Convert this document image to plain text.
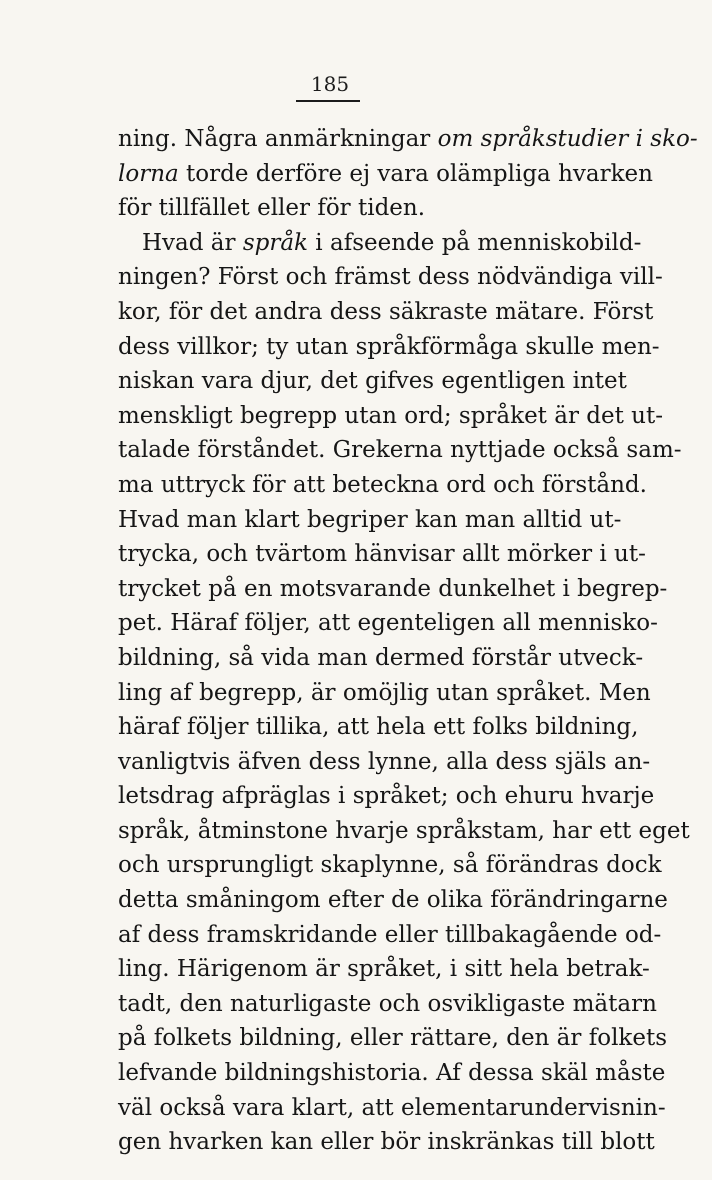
185
ning. Några anmärkningar om språkstudier i sko-
lorna torde derföre ej vara olämpliga hvarken
för tillfället eller för tiden.
Hvad är språk i afseende på menniskobild-
ningen? Först och främst dess nödvändiga vill-
kor, för det andra dess säkraste mätare. Först
dess villkor; ty utan språkförmåga skulle men-
niskan vara djur, det gifves egentligen intet
menskligt begrepp utan ord; språket är det ut-
talade förståndet. Grekerna nyttjade också sam-
ma uttryck för att beteckna ord och förstånd.
Hvad man klart begriper kan man alltid ut-
trycka, och tvärtom hänvisar allt mörker i ut-
trycket på en motsvarande dunkelhet i begrep-
pet. Häraf följer, att egenteligen all mennisko-
bildning, så vida man dermed förstår utveck-
ling af begrepp, är omöjlig utan språket. Men
häraf följer tillika, att hela ett folks bildning,
vanligtvis äfven dess lynne, alla dess själs an-
letsdrag afpräglas i språket; och ehuru hvarje
språk, åtminstone hvarje språkstam, har ett eget
och ursprungligt skaplynne, så förändras dock
detta småningom efter de olika förändringarne
af dess framskridande eller tillbakagående od-
ling. Härigenom är språket, i sitt hela betrak-
tadt, den naturligaste och osvikligaste mätarn
på folkets bildning, eller rättare, den är folkets
lefvande bildningshistoria. Af dessa skäl måste
väl också vara klart, att elementarundervisnin-
gen hvarken kan eller bör inskränkas till blott
